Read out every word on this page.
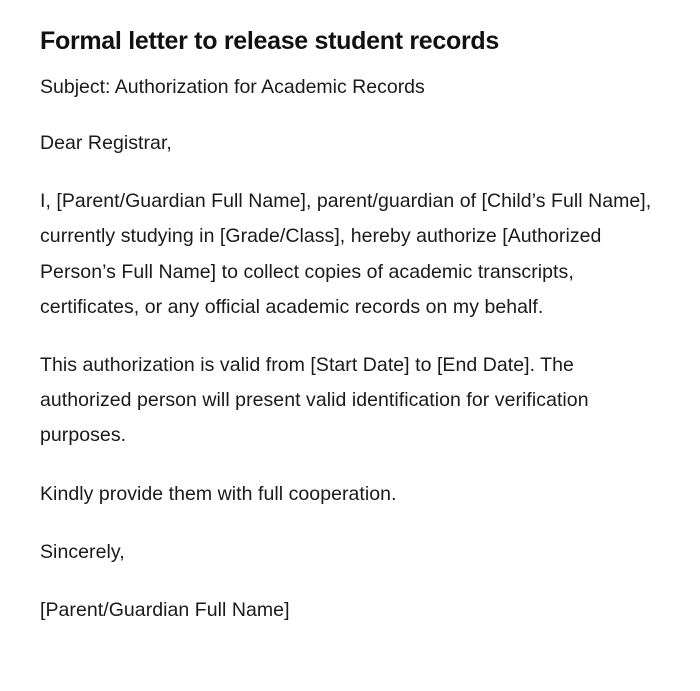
Formal letter to release student records

Subject: Authorization for Academic Records

Dear Registrar,

I, [Parent/Guardian Full Name], parent/guardian of [Child’s Full Name], currently studying in [Grade/Class], hereby authorize [Authorized Person’s Full Name] to collect copies of academic transcripts, certificates, or any official academic records on my behalf.

This authorization is valid from [Start Date] to [End Date]. The authorized person will present valid identification for verification purposes.

Kindly provide them with full cooperation.

Sincerely,

[Parent/Guardian Full Name]
